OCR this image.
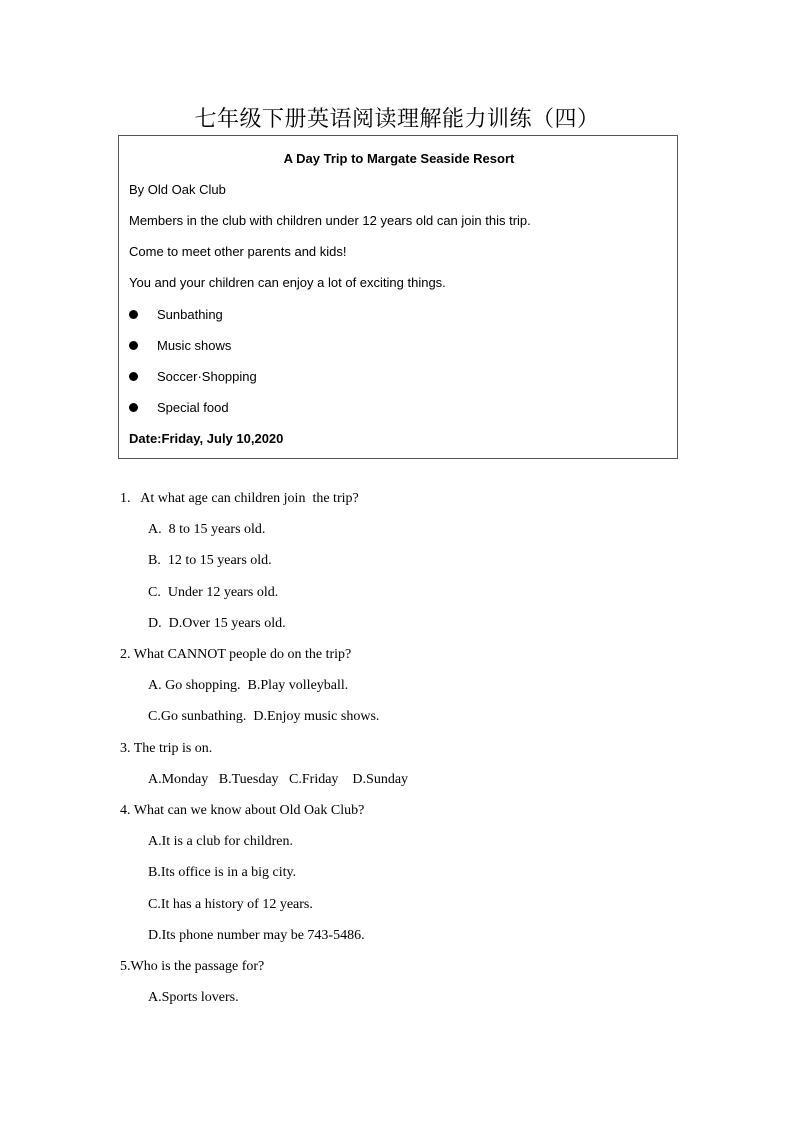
七年级下册英语阅读理解能力训练（四）
A Day Trip to Margate Seaside Resort
By Old Oak Club
Members in the club with children under 12 years old can join this trip.
Come to meet other parents and kids!
You and your children can enjoy a lot of exciting things.
Sunbathing
Music shows
Soccer·Shopping
Special food
Date:Friday, July 10,2020
1.   At what age can children join  the trip?
A.  8 to 15 years old.
B.  12 to 15 years old.
C.  Under 12 years old.
D.  D.Over 15 years old.
2. What CANNOT people do on the trip?
A. Go shopping.  B.Play volleyball.
C.Go sunbathing.  D.Enjoy music shows.
3. The trip is on.
A.Monday   B.Tuesday   C.Friday    D.Sunday
4. What can we know about Old Oak Club?
A.It is a club for children.
B.Its office is in a big city.
C.It has a history of 12 years.
D.Its phone number may be 743-5486.
5.Who is the passage for?
A.Sports lovers.
